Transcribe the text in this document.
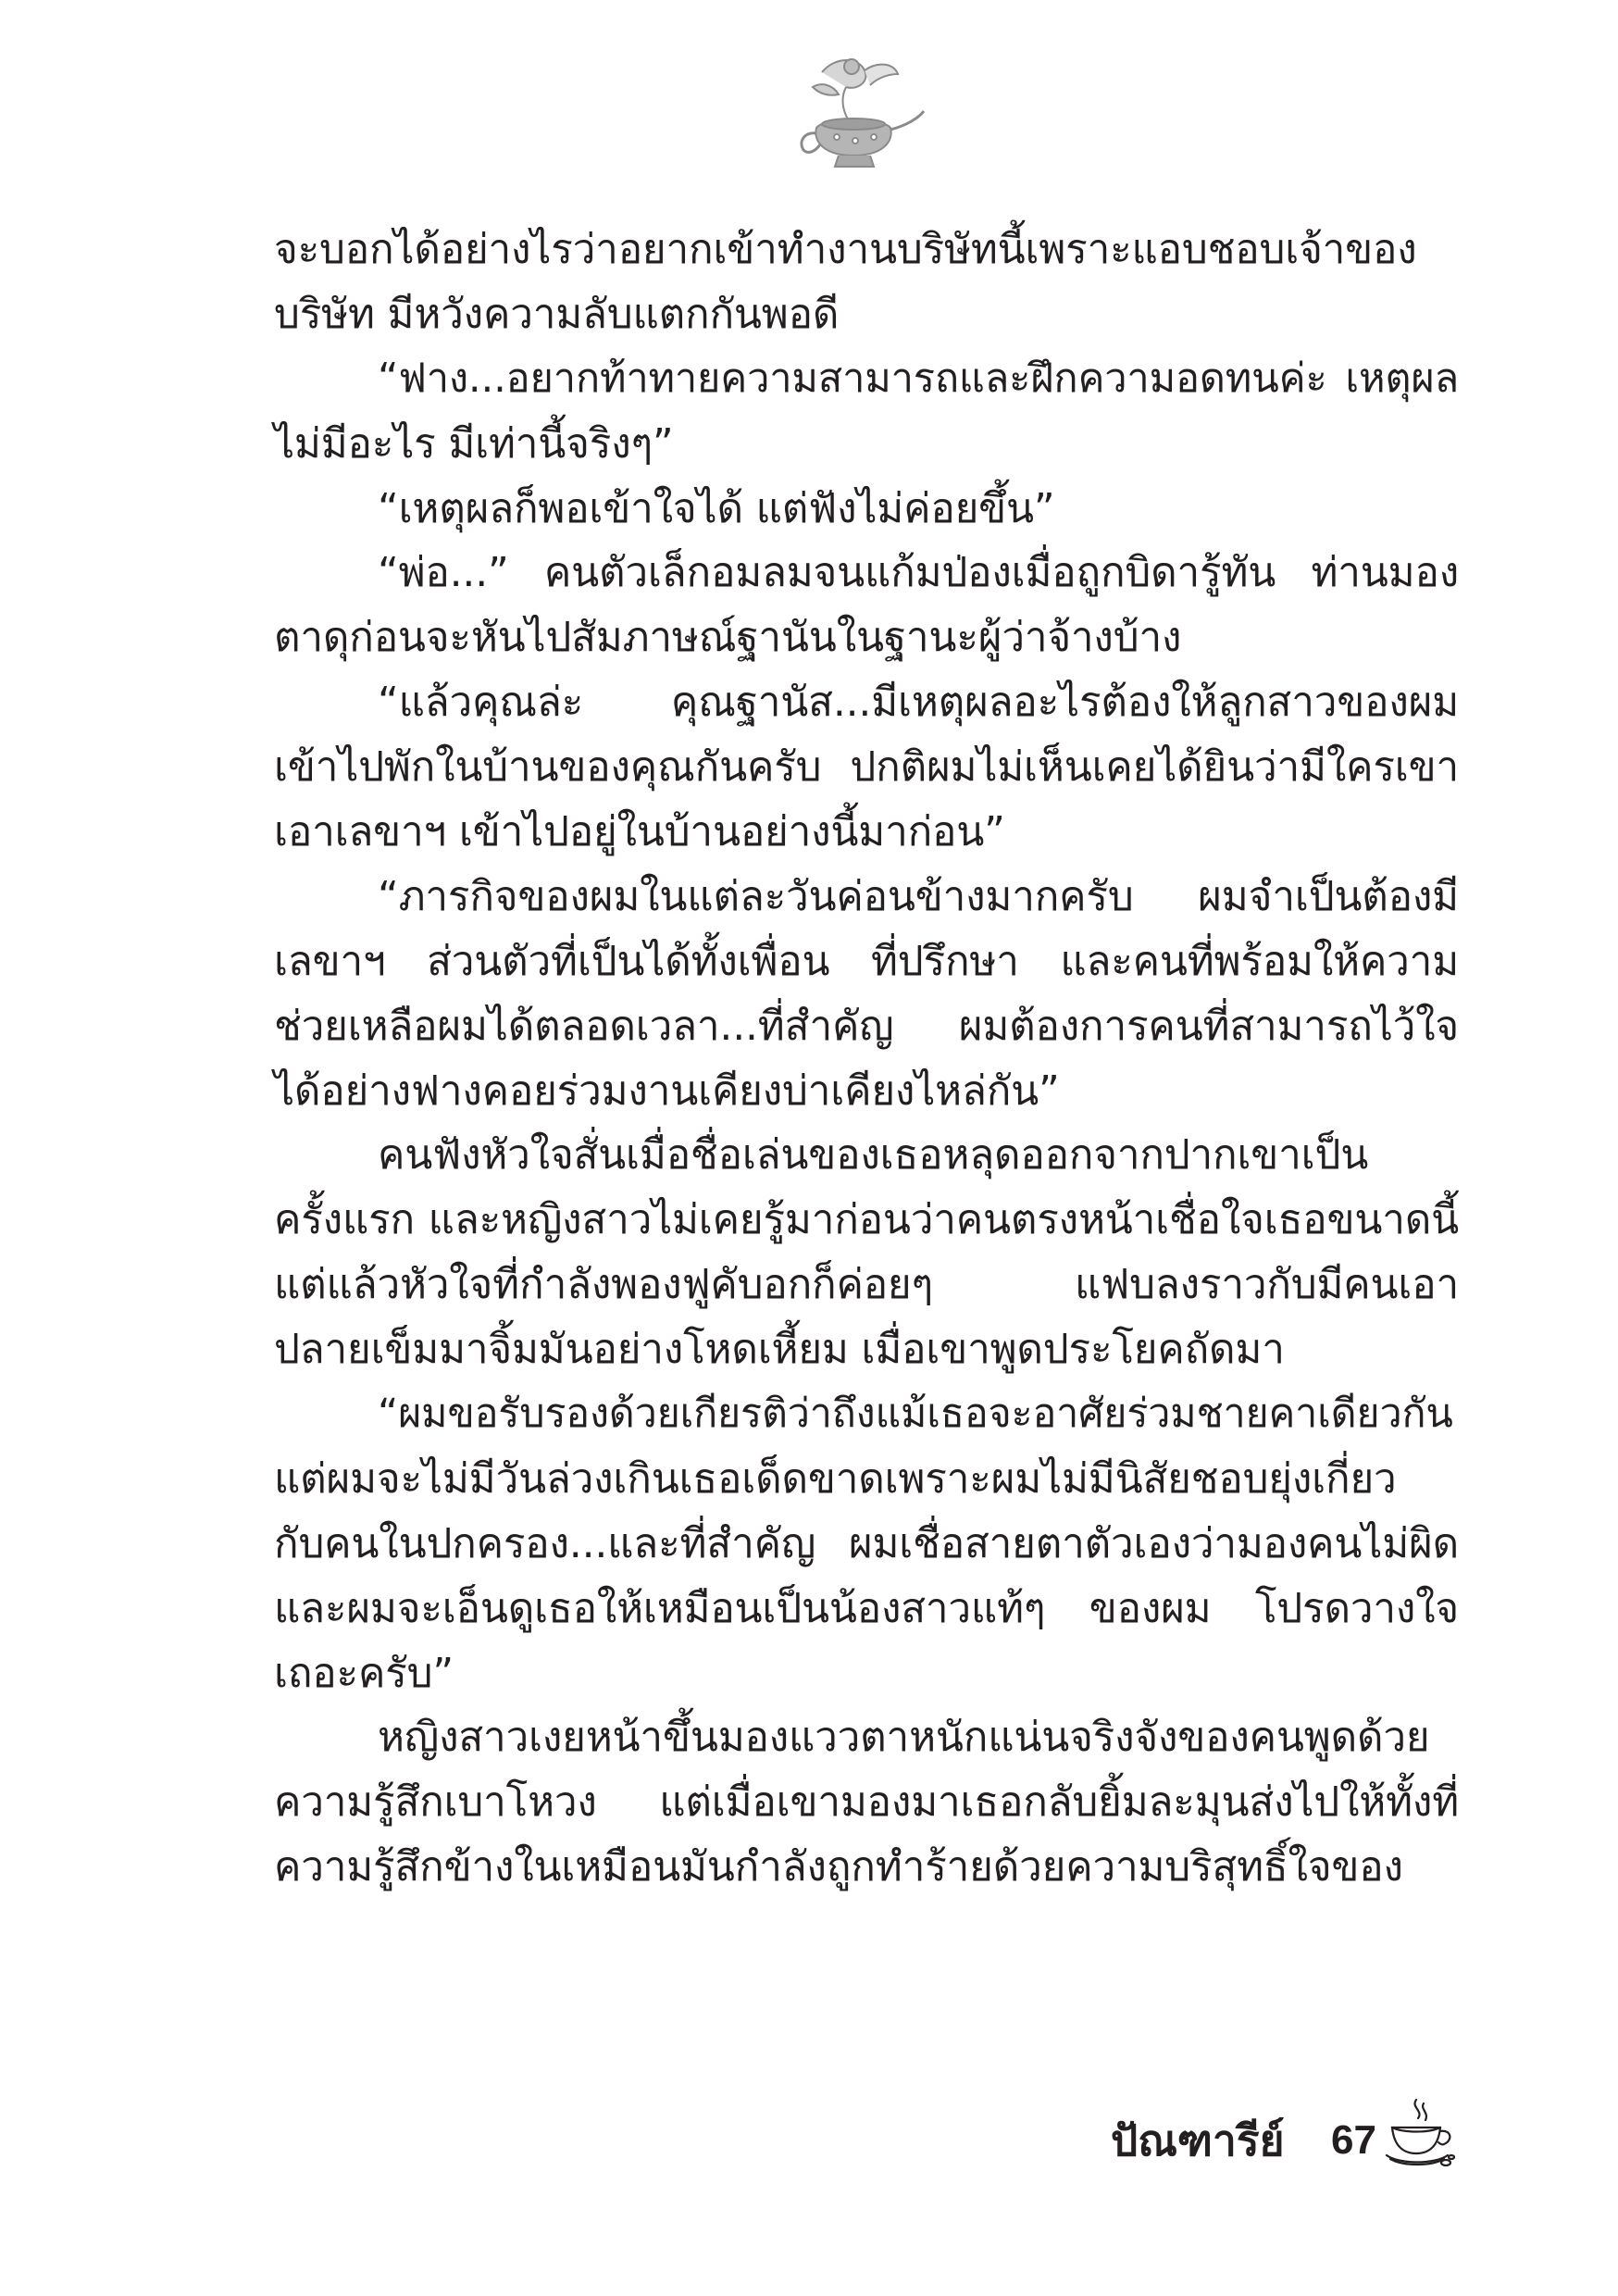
จะบอกได้อย่างไรว่าอยากเข้าทำงานบริษัทนี้เพราะแอบชอบเจ้าของ
บริษัท มีหวังความลับแตกกันพอดี
“ฟาง...อยากท้าทายความสามารถและฝึกความอดทนค่ะ เหตุผล
ไม่มีอะไร มีเท่านี้จริงๆ”
“เหตุผลก็พอเข้าใจได้ แต่ฟังไม่ค่อยขึ้น”
“พ่อ...” คนตัวเล็กอมลมจนแก้มป่องเมื่อถูกบิดารู้ทัน ท่านมอง
ตาดุก่อนจะหันไปสัมภาษณ์ฐานันในฐานะผู้ว่าจ้างบ้าง
“แล้วคุณล่ะ คุณฐานัส...มีเหตุผลอะไรต้องให้ลูกสาวของผม
เข้าไปพักในบ้านของคุณกันครับ ปกติผมไม่เห็นเคยได้ยินว่ามีใครเขา
เอาเลขาฯ เข้าไปอยู่ในบ้านอย่างนี้มาก่อน”
“ภารกิจของผมในแต่ละวันค่อนข้างมากครับ ผมจำเป็นต้องมี
เลขาฯ ส่วนตัวที่เป็นได้ทั้งเพื่อน ที่ปรึกษา และคนที่พร้อมให้ความ
ช่วยเหลือผมได้ตลอดเวลา...ที่สำคัญ ผมต้องการคนที่สามารถไว้ใจ
ได้อย่างฟางคอยร่วมงานเคียงบ่าเคียงไหล่กัน”
คนฟังหัวใจสั่นเมื่อชื่อเล่นของเธอหลุดออกจากปากเขาเป็น
ครั้งแรก และหญิงสาวไม่เคยรู้มาก่อนว่าคนตรงหน้าเชื่อใจเธอขนาดนี้
แต่แล้วหัวใจที่กำลังพองฟูคับอกก็ค่อยๆ แฟบลงราวกับมีคนเอา
ปลายเข็มมาจิ้มมันอย่างโหดเหี้ยม เมื่อเขาพูดประโยคถัดมา
“ผมขอรับรองด้วยเกียรติว่าถึงแม้เธอจะอาศัยร่วมชายคาเดียวกัน
แต่ผมจะไม่มีวันล่วงเกินเธอเด็ดขาดเพราะผมไม่มีนิสัยชอบยุ่งเกี่ยว
กับคนในปกครอง...และที่สำคัญ ผมเชื่อสายตาตัวเองว่ามองคนไม่ผิด
และผมจะเอ็นดูเธอให้เหมือนเป็นน้องสาวแท้ๆ ของผม โปรดวางใจ
เถอะครับ”
หญิงสาวเงยหน้าขึ้นมองแววตาหนักแน่นจริงจังของคนพูดด้วย
ความรู้สึกเบาโหวง แต่เมื่อเขามองมาเธอกลับยิ้มละมุนส่งไปให้ทั้งที่
ความรู้สึกข้างในเหมือนมันกำลังถูกทำร้ายด้วยความบริสุทธิ์ใจของ
ปัณฑารีย์ 67
